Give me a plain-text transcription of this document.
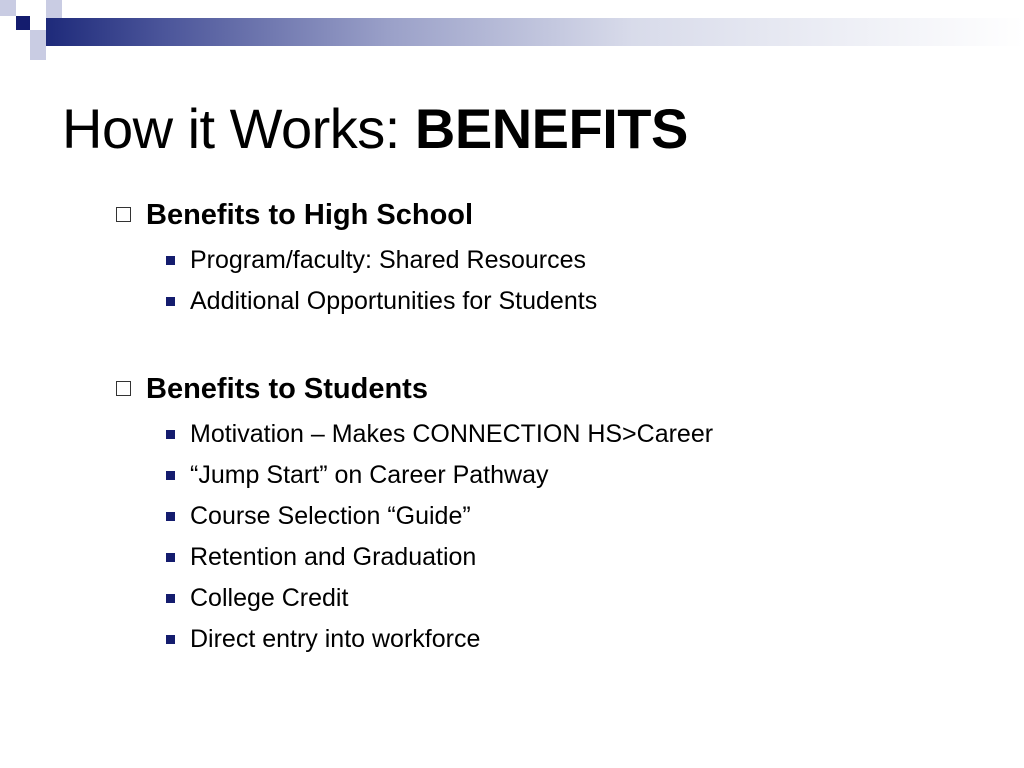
How it Works: BENEFITS
Benefits to High School
Program/faculty: Shared Resources
Additional Opportunities for Students
Benefits to Students
Motivation – Makes CONNECTION HS>Career
“Jump Start” on Career Pathway
Course Selection “Guide”
Retention and Graduation
College Credit
Direct entry into workforce
